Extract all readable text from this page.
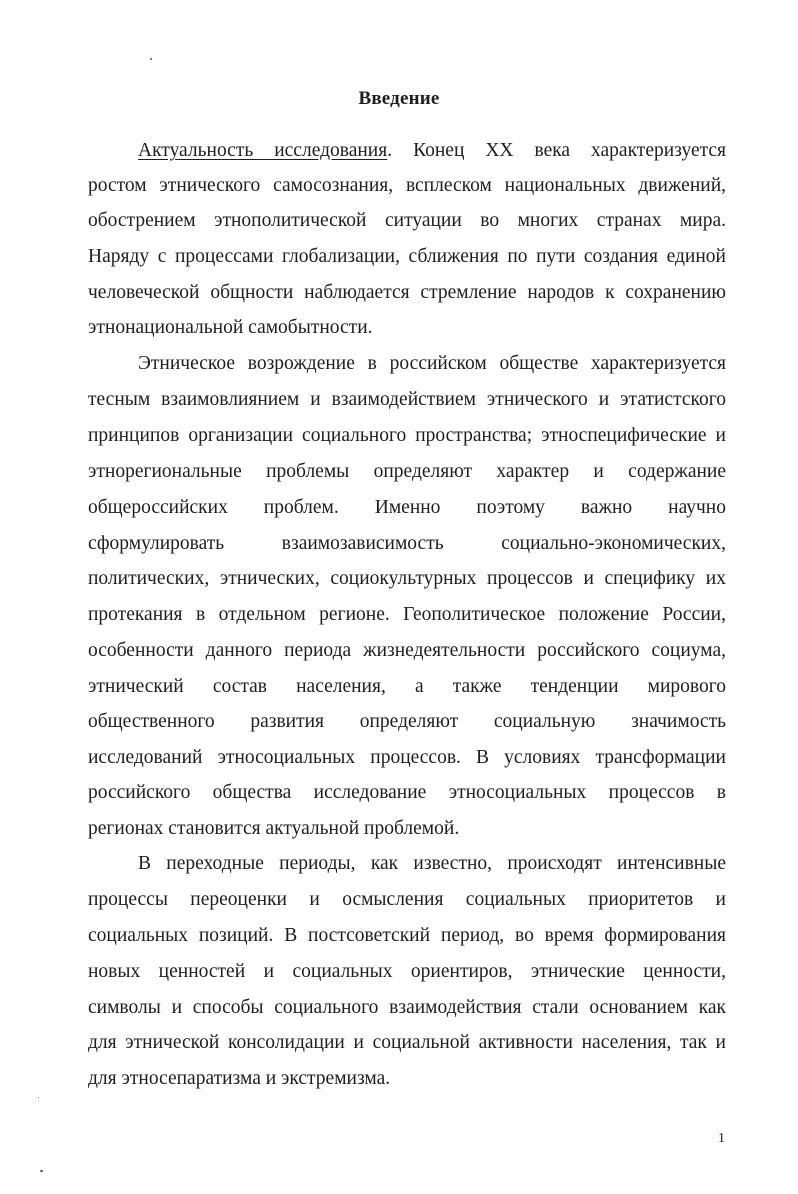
Введение
Актуальность исследования. Конец XX века характеризуется
ростом этнического самосознания, всплеском национальных движений,
обострением этнополитической ситуации во многих странах мира.
Наряду с процессами глобализации, сближения по пути создания единой
человеческой общности наблюдается стремление народов к сохранению
этнонациональной самобытности.
Этническое возрождение в российском обществе характеризуется
тесным взаимовлиянием и взаимодействием этнического и этатистского
принципов организации социального пространства; этноспецифические и
этнорегиональные проблемы определяют характер и содержание
общероссийских проблем. Именно поэтому важно научно
сформулировать взаимозависимость социально-экономических,
политических, этнических, социокультурных процессов и специфику их
протекания в отдельном регионе. Геополитическое положение России,
особенности данного периода жизнедеятельности российского социума,
этнический состав населения, а также тенденции мирового
общественного развития определяют социальную значимость
исследований этносоциальных процессов. В условиях трансформации
российского общества исследование этносоциальных процессов в
регионах становится актуальной проблемой.
В переходные периоды, как известно, происходят интенсивные
процессы переоценки и осмысления социальных приоритетов и
социальных позиций. В постсоветский период, во время формирования
новых ценностей и социальных ориентиров, этнические ценности,
символы и способы социального взаимодействия стали основанием как
для этнической консолидации и социальной активности населения, так и
для этносепаратизма и экстремизма.
1
